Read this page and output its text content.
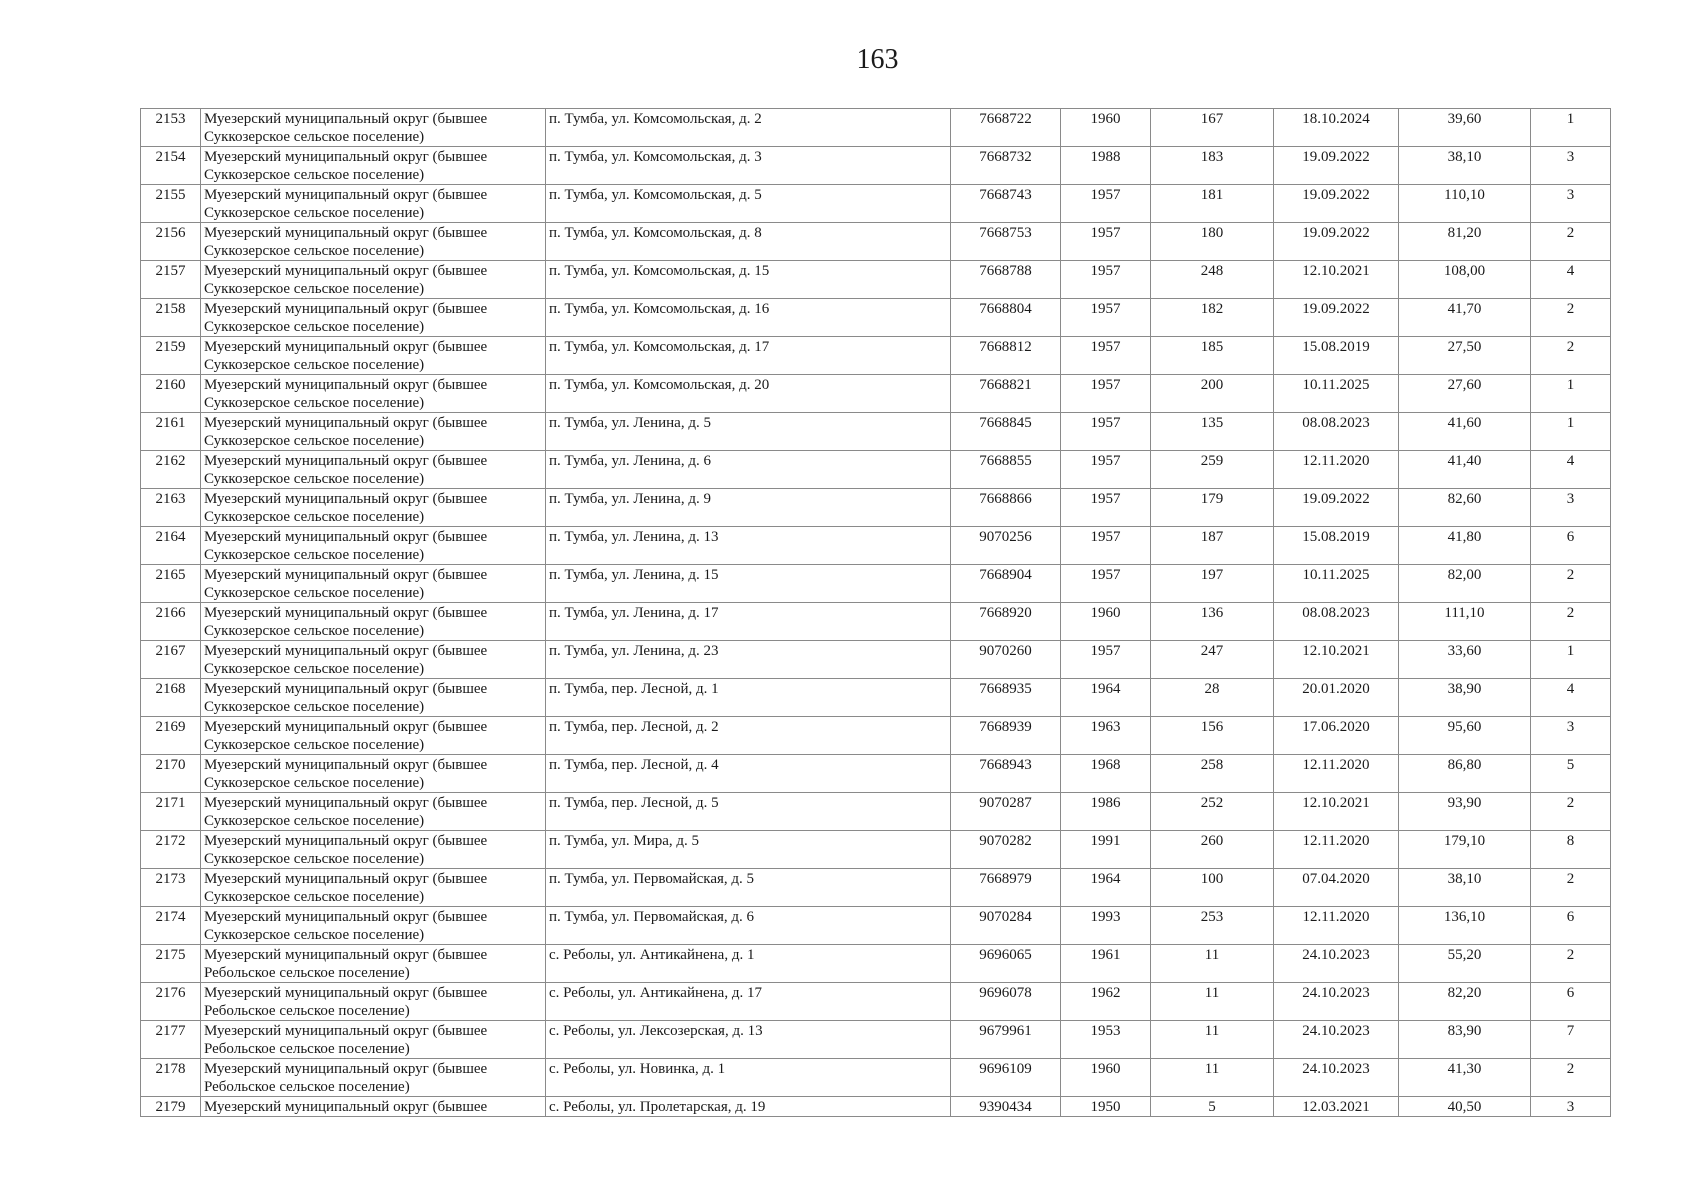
163
2153	Муезерский муниципальный округ (бывшее Суккозерское сельское поселение)	п. Тумба, ул. Комсомольская, д. 2	7668722	1960	167	18.10.2024	39,60	1
2154	Муезерский муниципальный округ (бывшее Суккозерское сельское поселение)	п. Тумба, ул. Комсомольская, д. 3	7668732	1988	183	19.09.2022	38,10	3
2155	Муезерский муниципальный округ (бывшее Суккозерское сельское поселение)	п. Тумба, ул. Комсомольская, д. 5	7668743	1957	181	19.09.2022	110,10	3
2156	Муезерский муниципальный округ (бывшее Суккозерское сельское поселение)	п. Тумба, ул. Комсомольская, д. 8	7668753	1957	180	19.09.2022	81,20	2
2157	Муезерский муниципальный округ (бывшее Суккозерское сельское поселение)	п. Тумба, ул. Комсомольская, д. 15	7668788	1957	248	12.10.2021	108,00	4
2158	Муезерский муниципальный округ (бывшее Суккозерское сельское поселение)	п. Тумба, ул. Комсомольская, д. 16	7668804	1957	182	19.09.2022	41,70	2
2159	Муезерский муниципальный округ (бывшее Суккозерское сельское поселение)	п. Тумба, ул. Комсомольская, д. 17	7668812	1957	185	15.08.2019	27,50	2
2160	Муезерский муниципальный округ (бывшее Суккозерское сельское поселение)	п. Тумба, ул. Комсомольская, д. 20	7668821	1957	200	10.11.2025	27,60	1
2161	Муезерский муниципальный округ (бывшее Суккозерское сельское поселение)	п. Тумба, ул. Ленина, д. 5	7668845	1957	135	08.08.2023	41,60	1
2162	Муезерский муниципальный округ (бывшее Суккозерское сельское поселение)	п. Тумба, ул. Ленина, д. 6	7668855	1957	259	12.11.2020	41,40	4
2163	Муезерский муниципальный округ (бывшее Суккозерское сельское поселение)	п. Тумба, ул. Ленина, д. 9	7668866	1957	179	19.09.2022	82,60	3
2164	Муезерский муниципальный округ (бывшее Суккозерское сельское поселение)	п. Тумба, ул. Ленина, д. 13	9070256	1957	187	15.08.2019	41,80	6
2165	Муезерский муниципальный округ (бывшее Суккозерское сельское поселение)	п. Тумба, ул. Ленина, д. 15	7668904	1957	197	10.11.2025	82,00	2
2166	Муезерский муниципальный округ (бывшее Суккозерское сельское поселение)	п. Тумба, ул. Ленина, д. 17	7668920	1960	136	08.08.2023	111,10	2
2167	Муезерский муниципальный округ (бывшее Суккозерское сельское поселение)	п. Тумба, ул. Ленина, д. 23	9070260	1957	247	12.10.2021	33,60	1
2168	Муезерский муниципальный округ (бывшее Суккозерское сельское поселение)	п. Тумба, пер. Лесной, д. 1	7668935	1964	28	20.01.2020	38,90	4
2169	Муезерский муниципальный округ (бывшее Суккозерское сельское поселение)	п. Тумба, пер. Лесной, д. 2	7668939	1963	156	17.06.2020	95,60	3
2170	Муезерский муниципальный округ (бывшее Суккозерское сельское поселение)	п. Тумба, пер. Лесной, д. 4	7668943	1968	258	12.11.2020	86,80	5
2171	Муезерский муниципальный округ (бывшее Суккозерское сельское поселение)	п. Тумба, пер. Лесной, д. 5	9070287	1986	252	12.10.2021	93,90	2
2172	Муезерский муниципальный округ (бывшее Суккозерское сельское поселение)	п. Тумба, ул. Мира, д. 5	9070282	1991	260	12.11.2020	179,10	8
2173	Муезерский муниципальный округ (бывшее Суккозерское сельское поселение)	п. Тумба, ул. Первомайская, д. 5	7668979	1964	100	07.04.2020	38,10	2
2174	Муезерский муниципальный округ (бывшее Суккозерское сельское поселение)	п. Тумба, ул. Первомайская, д. 6	9070284	1993	253	12.11.2020	136,10	6
2175	Муезерский муниципальный округ (бывшее Ребольское сельское поселение)	с. Реболы, ул. Антикайнена, д. 1	9696065	1961	11	24.10.2023	55,20	2
2176	Муезерский муниципальный округ (бывшее Ребольское сельское поселение)	с. Реболы, ул. Антикайнена, д. 17	9696078	1962	11	24.10.2023	82,20	6
2177	Муезерский муниципальный округ (бывшее Ребольское сельское поселение)	с. Реболы, ул. Лексозерская, д. 13	9679961	1953	11	24.10.2023	83,90	7
2178	Муезерский муниципальный округ (бывшее Ребольское сельское поселение)	с. Реболы, ул. Новинка, д. 1	9696109	1960	11	24.10.2023	41,30	2
2179	Муезерский муниципальный округ (бывшее	с. Реболы, ул. Пролетарская, д. 19	9390434	1950	5	12.03.2021	40,50	3
